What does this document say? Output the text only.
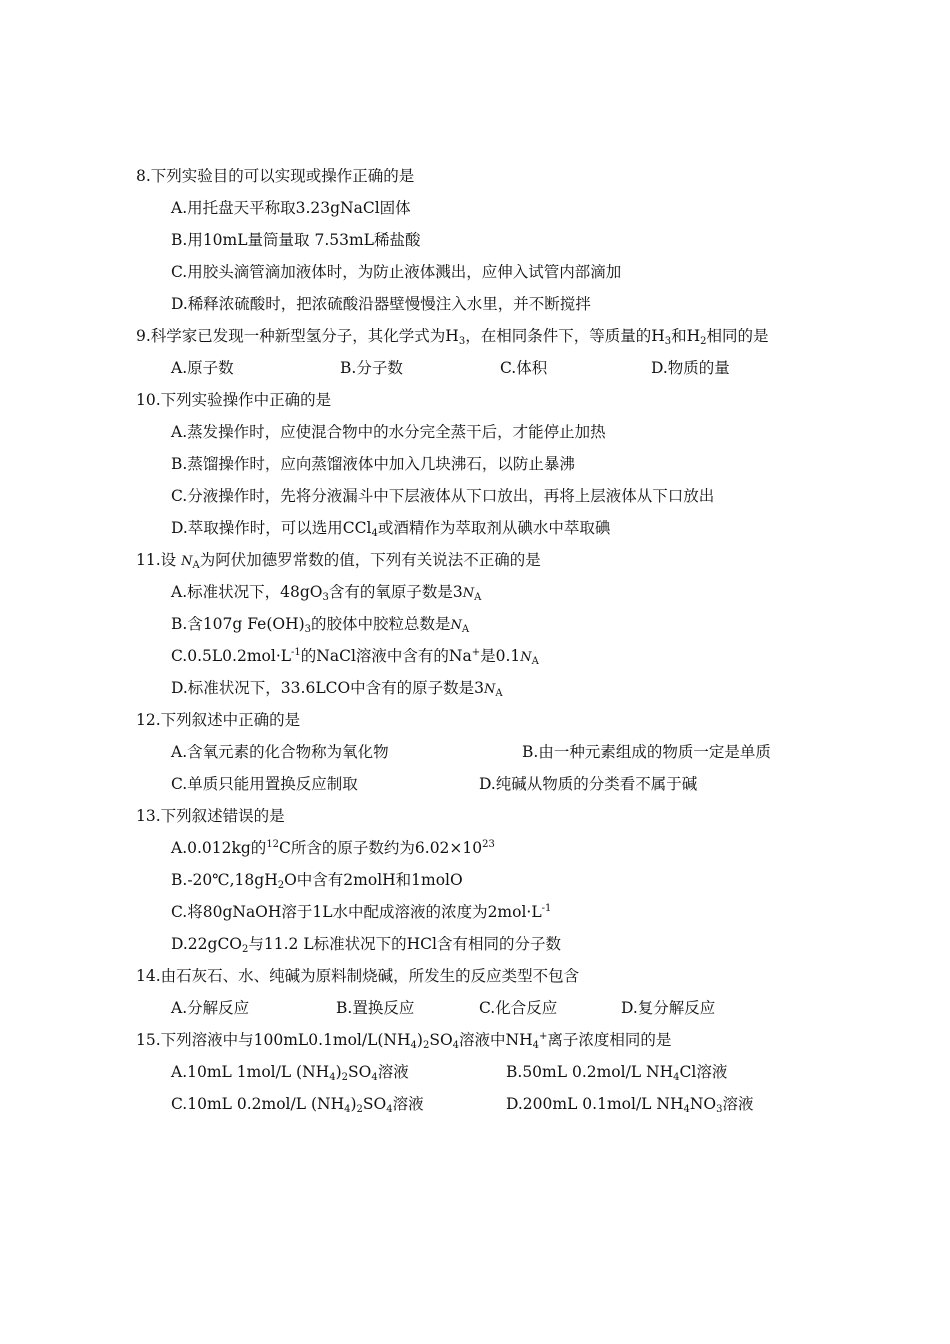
8.下列实验目的可以实现或操作正确的是
A.用托盘天平称取3.23gNaCl固体
B.用10mL量筒量取 7.53mL稀盐酸
C.用胶头滴管滴加液体时，为防止液体溅出，应伸入试管内部滴加
D.稀释浓硫酸时，把浓硫酸沿器壁慢慢注入水里，并不断搅拌
9.科学家已发现一种新型氢分子，其化学式为$H_3$，在相同条件下，等质量的$H_3$和$H_2$相同的是
A.原子数	B.分子数	C.体积	D.物质的量
10.下列实验操作中正确的是
A.蒸发操作时，应使混合物中的水分完全蒸干后，才能停止加热
B.蒸馏操作时，应向蒸馏液体中加入几块沸石，以防止暴沸
C.分液操作时，先将分液漏斗中下层液体从下口放出，再将上层液体从下口放出
D.萃取操作时，可以选用CCl$_4$或酒精作为萃取剂从碘水中萃取碘
11.设 $N_A$为阿伏加德罗常数的值，下列有关说法不正确的是
A.标准状况下，$48gO_3$含有的氧原子数是$3N_A$
B.含107g $Fe(OH)_3$的胶体中胶粒总数是$N_A$
$C.0.5L0.2mol\cdot L^{-1}$的NaCl溶液中含有的Na+是$0.1N_A$
D.标准状况下，33.6LCO中含有的原子数是$3N_A$
12.下列叙述中正确的是
A.含氧元素的化合物称为氧化物	B.由一种元素组成的物质一定是单质
C.单质只能用置换反应制取	D.纯碱从物质的分类看不属于碱
13.下列叙述错误的是
A.0.012kg的$^{12}$C所含的原子数约为$6.02\times 10^{23}$
$B.-20℃,18gH_2O$中含有2molH和1molO
C.将80gNaOH溶于1L水中配成溶液的浓度为$2mol\cdot L^{-1}$
D.22gCO$_2$与11.2 L标准状况下的HCl含有相同的分子数
14.由石灰石、水、纯碱为原料制烧碱，所发生的反应类型不包含
A.分解反应	B.置换反应	C.化合反应	D.复分解反应
15.下列溶液中与$100mL0.1mol/L(NH_4)_2SO_4$溶液中$NH_4^+$离子浓度相同的是
A.10mL 1mol/L $(NH_4)_2SO_4$溶液	B.50mL 0.2mol/L $NH_4Cl$溶液
C.10mL 0.2mol/L $(NH_4)_2SO_4$溶液	D.200mL 0.1mol/L $NH_4NO_3$溶液
